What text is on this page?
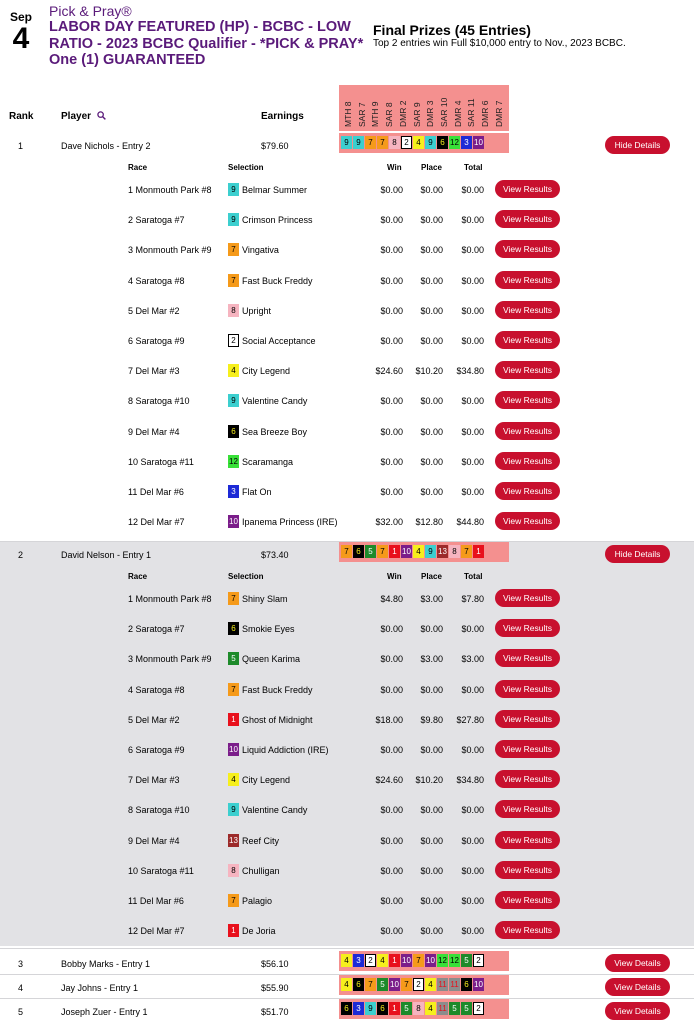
Sep
4
Pick & Pray®
LABOR DAY FEATURED (HP) - BCBC - LOW
RATIO - 2023 BCBC Qualifier - *PICK & PRAY*
One (1) GUARANTEED
Final Prizes (45 Entries)
Top 2 entries win Full $10,000 entry to Nov., 2023 BCBC.
Rank	Player	Earnings	MTH 8 SAR 7 MTH 9 SAR 8 DMR 2 SAR 9 DMR 3 SAR 10 DMR 4 SAR 11 DMR 6 DMR 7
1	Dave Nichols - Entry 2	$79.60	9 9 7 7 8 2 4 9 6 12 3 10	Hide Details
Race	Selection	Win Place	Total
1 Monmouth Park #8	9 Belmar Summer	$0.00	$0.00	$0.00	View Results
2 Saratoga #7	9 Crimson Princess	$0.00	$0.00	$0.00	View Results
3 Monmouth Park #9	7 Vingativa	$0.00	$0.00	$0.00	View Results
4 Saratoga #8	7 Fast Buck Freddy	$0.00	$0.00	$0.00	View Results
5 Del Mar #2	8 Upright	$0.00	$0.00	$0.00	View Results
6 Saratoga #9	2 Social Acceptance	$0.00	$0.00	$0.00	View Results
7 Del Mar #3	4 City Legend	$24.60	$10.20	$34.80	View Results
8 Saratoga #10	9 Valentine Candy	$0.00	$0.00	$0.00	View Results
9 Del Mar #4	6 Sea Breeze Boy	$0.00	$0.00	$0.00	View Results
10 Saratoga #11	12 Scaramanga	$0.00	$0.00	$0.00	View Results
11 Del Mar #6	3 Flat On	$0.00	$0.00	$0.00	View Results
12 Del Mar #7	10 Ipanema Princess (IRE)	$32.00	$12.80	$44.80	View Results
2	David Nelson - Entry 1	$73.40	7 6 5 7 1 10 4 9 13 8 7 1	Hide Details
Race	Selection	Win Place	Total
1 Monmouth Park #8	7 Shiny Slam	$4.80	$3.00	$7.80	View Results
2 Saratoga #7	6 Smokie Eyes	$0.00	$0.00	$0.00	View Results
3 Monmouth Park #9	5 Queen Karima	$0.00	$3.00	$3.00	View Results
4 Saratoga #8	7 Fast Buck Freddy	$0.00	$0.00	$0.00	View Results
5 Del Mar #2	1 Ghost of Midnight	$18.00	$9.80	$27.80	View Results
6 Saratoga #9	10 Liquid Addiction (IRE)	$0.00	$0.00	$0.00	View Results
7 Del Mar #3	4 City Legend	$24.60	$10.20	$34.80	View Results
8 Saratoga #10	9 Valentine Candy	$0.00	$0.00	$0.00	View Results
9 Del Mar #4	13 Reef City	$0.00	$0.00	$0.00	View Results
10 Saratoga #11	8 Chulligan	$0.00	$0.00	$0.00	View Results
11 Del Mar #6	7 Palagio	$0.00	$0.00	$0.00	View Results
12 Del Mar #7	1 De Joria	$0.00	$0.00	$0.00	View Results
3	Bobby Marks - Entry 1	$56.10	4 3 2 4 1 10 7 10 12 12 5 2	View Details
4	Jay Johns - Entry 1	$55.90	4 6 7 5 10 7 2 4 11 11 6 10	View Details
5	Joseph Zuer - Entry 1	$51.70	6 3 9 6 1 5 8 4 11 5 5 2	View Details
